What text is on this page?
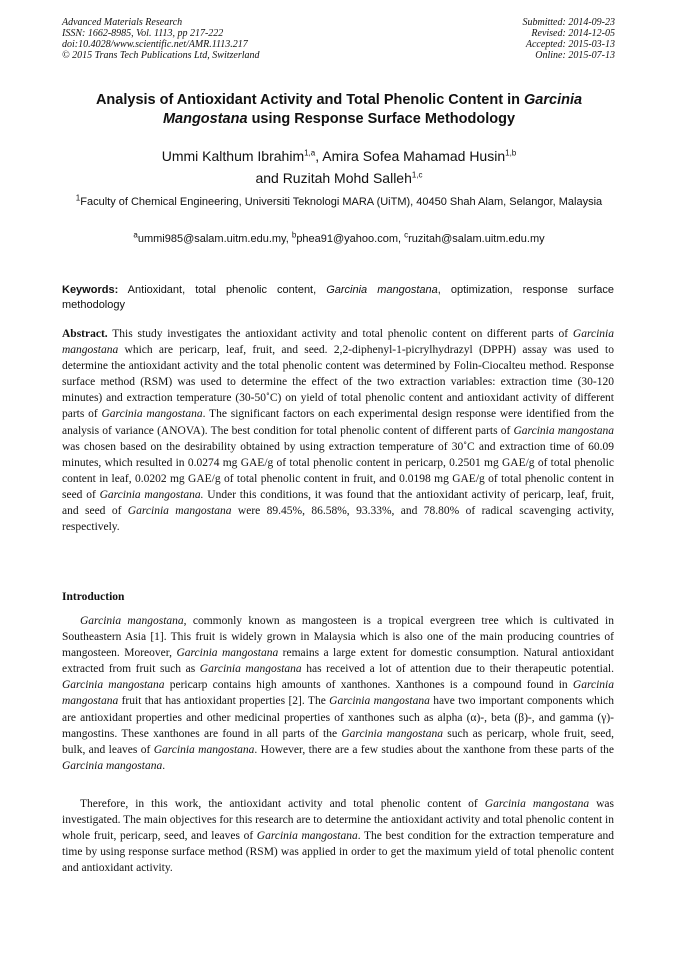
Advanced Materials Research
ISSN: 1662-8985, Vol. 1113, pp 217-222
doi:10.4028/www.scientific.net/AMR.1113.217
© 2015 Trans Tech Publications Ltd, Switzerland
Submitted: 2014-09-23
Revised: 2014-12-05
Accepted: 2015-03-13
Online: 2015-07-13
Analysis of Antioxidant Activity and Total Phenolic Content in Garcinia Mangostana using Response Surface Methodology
Ummi Kalthum Ibrahim$^{1,a}$, Amira Sofea Mahamad Husin$^{1,b}$
and Ruzitah Mohd Salleh$^{1,c}$
$^1$Faculty of Chemical Engineering, Universiti Teknologi MARA (UiTM), 40450 Shah Alam, Selangor, Malaysia
$^a$ummi985@salam.uitm.edu.my, $^b$phea91@yahoo.com, $^c$ruzitah@salam.uitm.edu.my
Keywords: Antioxidant, total phenolic content, Garcinia mangostana, optimization, response surface methodology
Abstract. This study investigates the antioxidant activity and total phenolic content on different parts of Garcinia mangostana which are pericarp, leaf, fruit, and seed. 2,2-diphenyl-1-picrylhydrazyl (DPPH) assay was used to determine the antioxidant activity and the total phenolic content was determined by Folin-Ciocalteu method. Response surface method (RSM) was used to determine the effect of the two extraction variables: extraction time (30-120 minutes) and extraction temperature (30-50˚C) on yield of total phenolic content and antioxidant activity of different parts of Garcinia mangostana. The significant factors on each experimental design response were identified from the analysis of variance (ANOVA). The best condition for total phenolic content of different parts of Garcinia mangostana was chosen based on the desirability obtained by using extraction temperature of 30˚C and extraction time of 60.09 minutes, which resulted in 0.0274 mg GAE/g of total phenolic content in pericarp, 0.2501 mg GAE/g of total phenolic content in leaf, 0.0202 mg GAE/g of total phenolic content in fruit, and 0.0198 mg GAE/g of total phenolic content in seed of Garcinia mangostana. Under this conditions, it was found that the antioxidant activity of pericarp, leaf, fruit, and seed of Garcinia mangostana were 89.45%, 86.58%, 93.33%, and 78.80% of radical scavenging activity, respectively.
Introduction
Garcinia mangostana, commonly known as mangosteen is a tropical evergreen tree which is cultivated in Southeastern Asia [1]. This fruit is widely grown in Malaysia which is also one of the main producing countries of mangosteen. Moreover, Garcinia mangostana remains a large extent for domestic consumption. Natural antioxidant extracted from fruit such as Garcinia mangostana has received a lot of attention due to their therapeutic potential. Garcinia mangostana pericarp contains high amounts of xanthones. Xanthones is a compound found in Garcinia mangostana fruit that has antioxidant properties [2]. The Garcinia mangostana have two important components which are antioxidant properties and other medicinal properties of xanthones such as alpha (α)-, beta (β)-, and gamma (γ)-mangostins. These xanthones are found in all parts of the Garcinia mangostana such as pericarp, whole fruit, seed, bulk, and leaves of Garcinia mangostana. However, there are a few studies about the xanthone from these parts of the Garcinia mangostana.
Therefore, in this work, the antioxidant activity and total phenolic content of Garcinia mangostana was investigated. The main objectives for this research are to determine the antioxidant activity and total phenolic content in whole fruit, pericarp, seed, and leaves of Garcinia mangostana. The best condition for the extraction temperature and time by using response surface method (RSM) was applied in order to get the maximum yield of total phenolic content and antioxidant activity.
